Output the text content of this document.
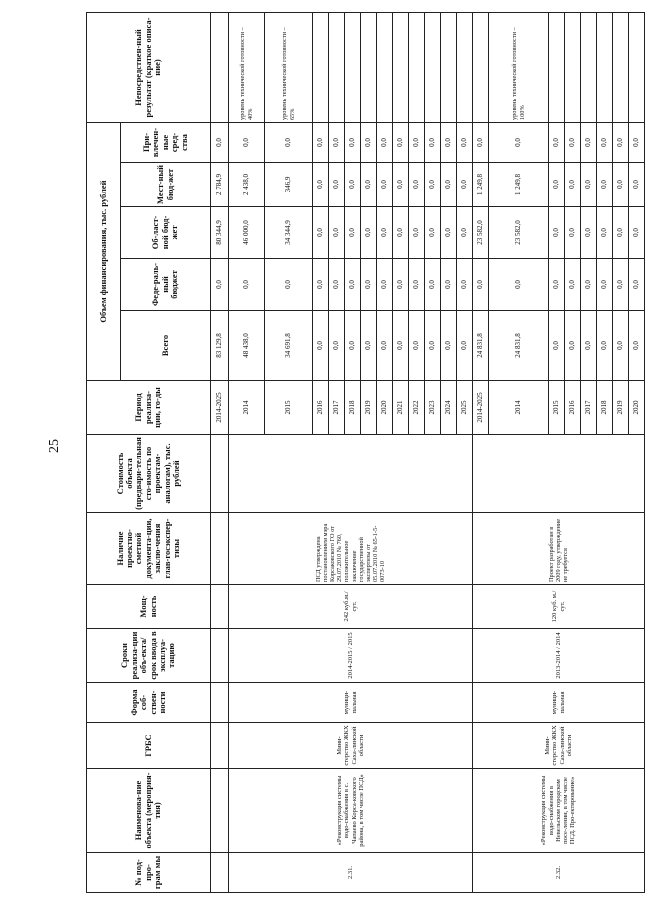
25
№ под-про-грам мы	Наименова-ние объекта (мероприя-тия)	ГРБС	Форма соб-ствен-ности	Сроки реализа-ции объ-екта/срок ввода в эксплуа-тацию	Мощ-ность	Наличие проектно-сметной документа-ции, заклю-чения глав-госэкспер-тизы	Стоимость объекта (предвари-тельная сто-имость по проектам-аналогам), тыс. рублей	Период реализа-ции, го-ды	Объем финансирования, тыс. рублей					Непосредствен-ный результат (краткое описа-ние)
									Всего	Феде-раль-ный бюджет	Об-ласт-ной бюд-жет	Мест-ный бюд-жет	При-влечен-ные сред-ства	
								2014-2025	83 129,8	0,0	80 344,9	2 784,9	0,0	
2.31.	«Реконструкция системы водо-снабжения в с. Чапаево Корса-ковского района, в том числе ПСД»	Мини-стерство ЖКХ Саха-линской области	муници-пальная	2014-2015 / 2015	242 куб.м./сут.	ПСД утверждена постановлением мэра Корсаковского ГО от 29.07.2010 № 760, положительное заключение государственной экспертизы от 05.07.2010 № 65-1-5-0073-10		2014	48 438,0	0,0	46 000,0	2 438,0	0,0	уровень технической готовности – 40%
								2015	34 691,8	0,0	34 344,9	346,9	0,0	уровень технической готовности – 65%
								2016	0,0	0,0	0,0	0,0	0,0	
								2017	0,0	0,0	0,0	0,0	0,0	
								2018	0,0	0,0	0,0	0,0	0,0	
								2019	0,0	0,0	0,0	0,0	0,0	
								2020	0,0	0,0	0,0	0,0	0,0	
								2021	0,0	0,0	0,0	0,0	0,0	
								2022	0,0	0,0	0,0	0,0	0,0	
								2023	0,0	0,0	0,0	0,0	0,0	
								2024	0,0	0,0	0,0	0,0	0,0	
								2025	0,0	0,0	0,0	0,0	0,0	
2.32.	«Реконструкция системы водо-снабжения в Невельском городском посе-лении, в том числе ПСД. Про-ектирование»	Мини-стерство ЖКХ Саха-линской области	муници-пальная	2013-2014 / 2014	120 куб. м./сут.	Проект разработан в 2009 году, утверждение не требуется		2014-2025	24 831,8	0,0	23 582,0	1 249,8	0,0	
								2014	24 831,8	0,0	23 582,0	1 249,8	0,0	уровень технической готовности – 100%
								2015	0,0	0,0	0,0	0,0	0,0	
								2016	0,0	0,0	0,0	0,0	0,0	
								2017	0,0	0,0	0,0	0,0	0,0	
								2018	0,0	0,0	0,0	0,0	0,0	
								2019	0,0	0,0	0,0	0,0	0,0	
								2020	0,0	0,0	0,0	0,0	0,0	
